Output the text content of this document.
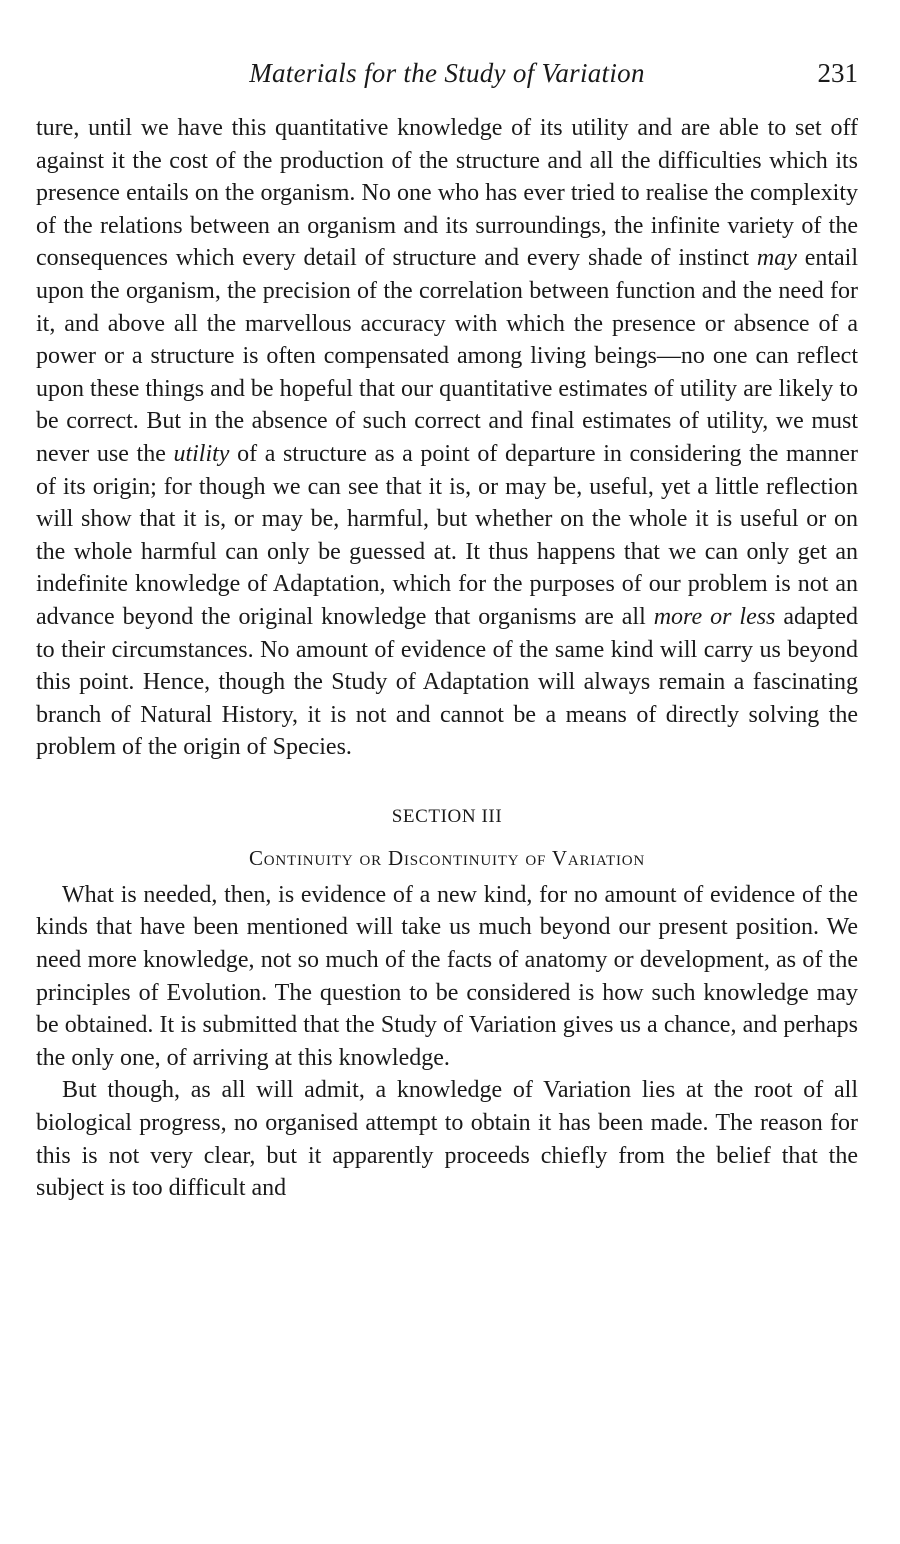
Materials for the Study of Variation	231

ture, until we have this quantitative knowledge of its utility and are able to set off against it the cost of the production of the structure and all the difficulties which its presence entails on the organism. No one who has ever tried to realise the complexity of the relations between an organism and its surroundings, the infinite variety of the consequences which every detail of structure and every shade of instinct may entail upon the organism, the precision of the correlation between function and the need for it, and above all the marvellous accuracy with which the presence or absence of a power or a structure is often compensated among living beings—no one can reflect upon these things and be hopeful that our quantitative estimates of utility are likely to be correct. But in the absence of such correct and final estimates of utility, we must never use the utility of a structure as a point of departure in considering the manner of its origin; for though we can see that it is, or may be, useful, yet a little reflection will show that it is, or may be, harmful, but whether on the whole it is useful or on the whole harmful can only be guessed at. It thus happens that we can only get an indefinite knowledge of Adaptation, which for the purposes of our problem is not an advance beyond the original knowledge that organisms are all more or less adapted to their circumstances. No amount of evidence of the same kind will carry us beyond this point. Hence, though the Study of Adaptation will always remain a fascinating branch of Natural History, it is not and cannot be a means of directly solving the problem of the origin of Species.

SECTION III
Continuity or Discontinuity of Variation

What is needed, then, is evidence of a new kind, for no amount of evidence of the kinds that have been mentioned will take us much beyond our present position. We need more knowledge, not so much of the facts of anatomy or development, as of the principles of Evolution. The question to be considered is how such knowledge may be obtained. It is submitted that the Study of Variation gives us a chance, and perhaps the only one, of arriving at this knowledge.

But though, as all will admit, a knowledge of Variation lies at the root of all biological progress, no organised attempt to obtain it has been made. The reason for this is not very clear, but it apparently proceeds chiefly from the belief that the subject is too difficult and
